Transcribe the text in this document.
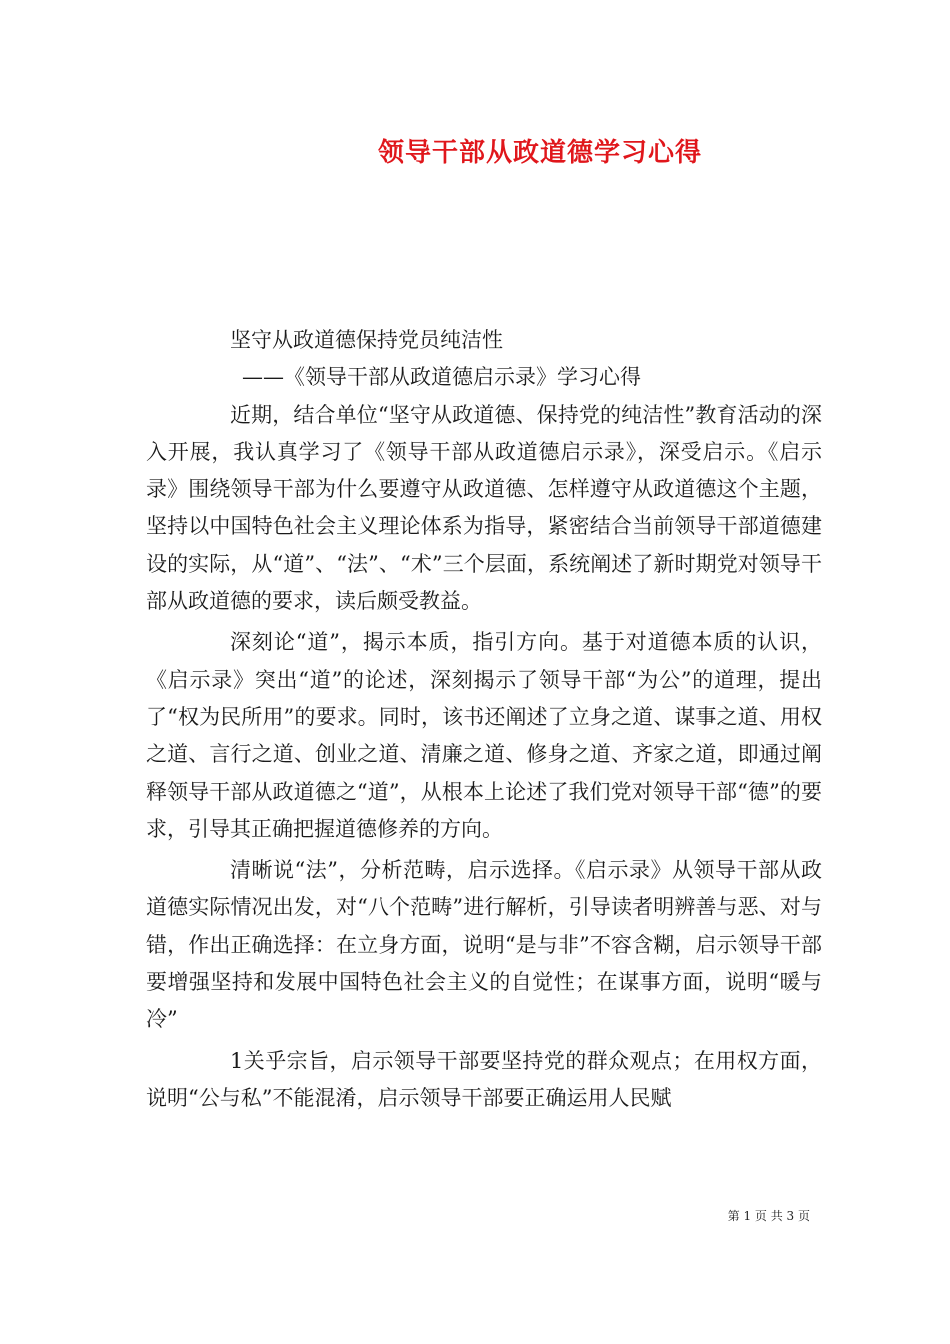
领导干部从政道德学习心得
坚守从政道德保持党员纯洁性
——《领导干部从政道德启示录》学习心得

近期，结合单位“坚守从政道德、保持党的纯洁性”教育活动的深入开展，我认真学习了《领导干部从政道德启示录》，深受启示。《启示录》围绕领导干部为什么要遵守从政道德、怎样遵守从政道德这个主题，坚持以中国特色社会主义理论体系为指导，紧密结合当前领导干部道德建设的实际，从“道”、“法”、“术”三个层面，系统阐述了新时期党对领导干部从政道德的要求，读后颇受教益。

深刻论“道”，揭示本质，指引方向。基于对道德本质的认识，《启示录》突出“道”的论述，深刻揭示了领导干部“为公”的道理，提出了“权为民所用”的要求。同时，该书还阐述了立身之道、谋事之道、用权之道、言行之道、创业之道、清廉之道、修身之道、齐家之道，即通过阐释领导干部从政道德之“道”，从根本上论述了我们党对领导干部“德”的要求，引导其正确把握道德修养的方向。

清晰说“法”，分析范畴，启示选择。《启示录》从领导干部从政道德实际情况出发，对“八个范畴”进行解析，引导读者明辨善与恶、对与错，作出正确选择：在立身方面，说明“是与非”不容含糊，启示领导干部要增强坚持和发展中国特色社会主义的自觉性；在谋事方面，说明“暖与冷”

1关乎宗旨，启示领导干部要坚持党的群众观点；在用权方面，说明“公与私”不能混淆，启示领导干部要正确运用人民赋

第 1 页 共 3 页
